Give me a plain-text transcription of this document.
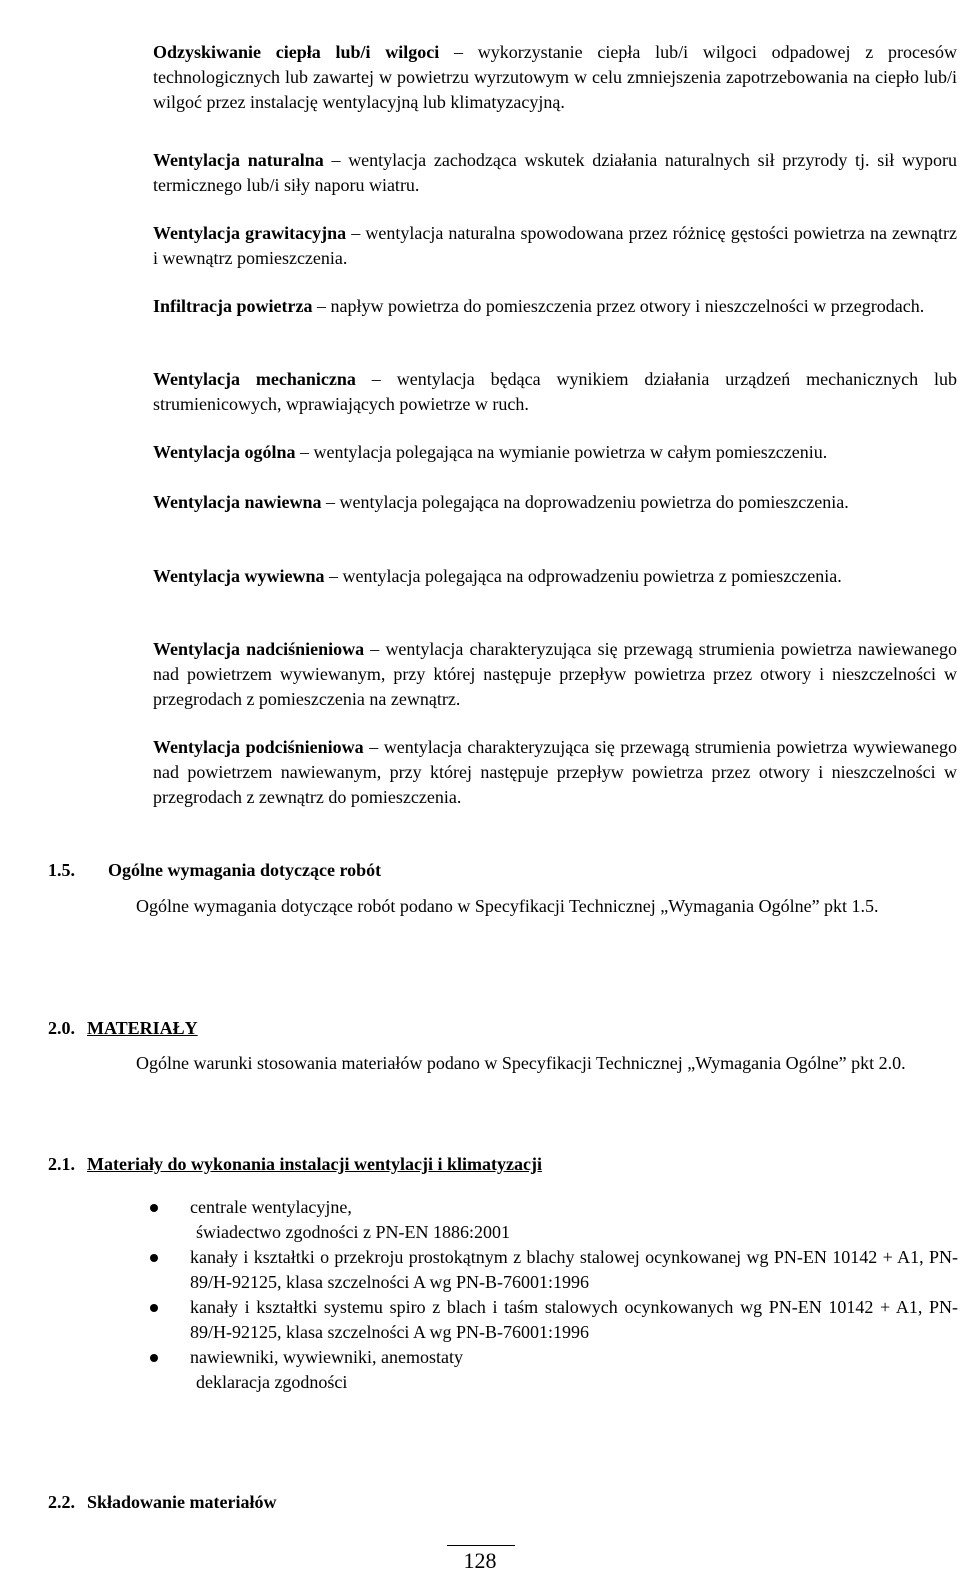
Odzyskiwanie ciepła lub/i wilgoci – wykorzystanie ciepła lub/i wilgoci odpadowej z procesów technologicznych lub zawartej w powietrzu wyrzutowym w celu zmniejszenia zapotrzebowania na ciepło lub/i wilgoć przez instalację wentylacyjną lub klimatyzacyjną.
Wentylacja naturalna – wentylacja zachodząca wskutek działania naturalnych sił przyrody tj. sił wyporu termicznego lub/i siły naporu wiatru.
Wentylacja grawitacyjna – wentylacja naturalna spowodowana przez różnicę gęstości powietrza na zewnątrz i wewnątrz pomieszczenia.
Infiltracja powietrza – napływ powietrza do pomieszczenia przez otwory i nieszczelności w przegrodach.
Wentylacja mechaniczna – wentylacja będąca wynikiem działania urządzeń mechanicznych lub strumienicowych, wprawiających powietrze w ruch.
Wentylacja ogólna – wentylacja polegająca na wymianie powietrza w całym pomieszczeniu.
Wentylacja nawiewna – wentylacja polegająca na doprowadzeniu powietrza do pomieszczenia.
Wentylacja wywiewna – wentylacja polegająca na odprowadzeniu powietrza z pomieszczenia.
Wentylacja nadciśnieniowa – wentylacja charakteryzująca się przewagą strumienia powietrza nawiewanego nad powietrzem wywiewanym, przy której następuje przepływ powietrza przez otwory i nieszczelności w przegrodach z pomieszczenia na zewnątrz.
Wentylacja podciśnieniowa – wentylacja charakteryzująca się przewagą strumienia powietrza wywiewanego nad powietrzem nawiewanym, przy której następuje przepływ powietrza przez otwory i nieszczelności w przegrodach z zewnątrz do pomieszczenia.
1.5. Ogólne wymagania dotyczące robót
Ogólne wymagania dotyczące robót podano w Specyfikacji Technicznej „Wymagania Ogólne” pkt 1.5.
2.0. MATERIAŁY
Ogólne warunki stosowania materiałów podano w Specyfikacji Technicznej „Wymagania Ogólne” pkt 2.0.
2.1. Materiały do wykonania instalacji wentylacji i klimatyzacji
centrale wentylacyjne,
świadectwo zgodności z PN-EN 1886:2001
kanały i kształtki o przekroju prostokątnym z blachy stalowej ocynkowanej wg PN-EN 10142 + A1, PN-89/H-92125, klasa szczelności A wg PN-B-76001:1996
kanały i kształtki systemu spiro z blach i taśm stalowych ocynkowanych wg PN-EN 10142 + A1, PN-89/H-92125, klasa szczelności A wg PN-B-76001:1996
nawiewniki, wywiewniki, anemostaty
deklaracja zgodności
2.2. Składowanie materiałów
128
